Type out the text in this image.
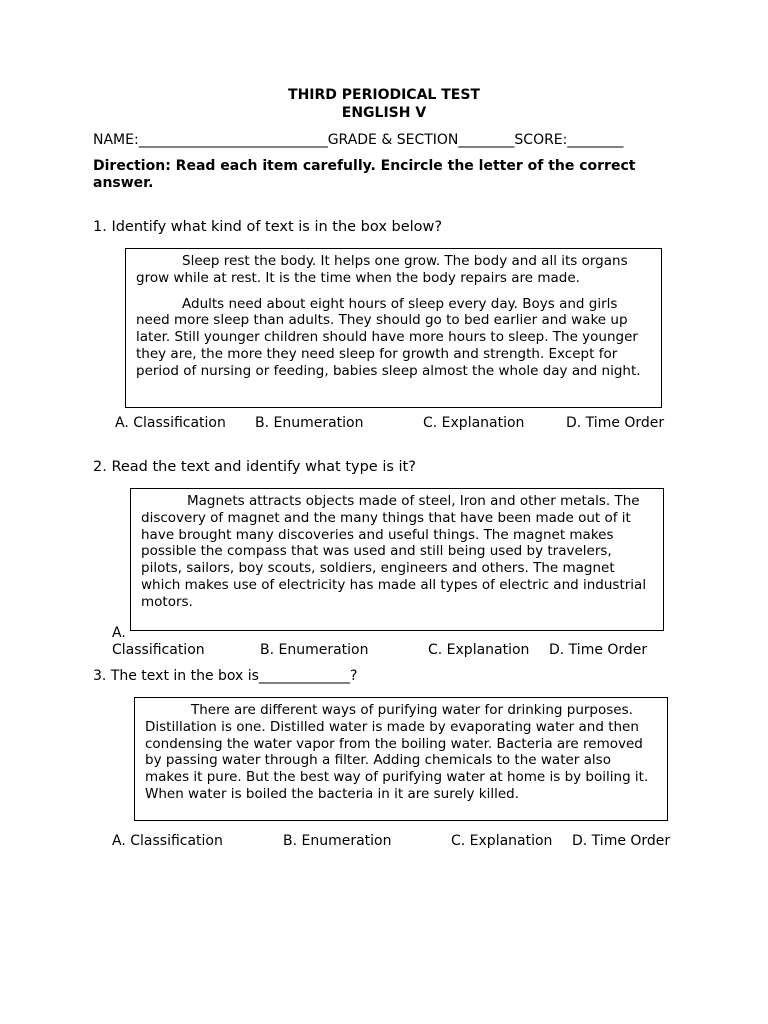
THIRD PERIODICAL TEST
ENGLISH V
NAME:___________________________GRADE & SECTION________SCORE:________
Direction: Read each item carefully. Encircle the letter of the correct answer.
1. Identify what kind of text is in the box below?

Sleep rest the body. It helps one grow. The body and all its organs grow while at rest. It is the time when the body repairs are made.

Adults need about eight hours of sleep every day. Boys and girls need more sleep than adults. They should go to bed earlier and wake up later. Still younger children should have more hours to sleep. The younger they are, the more they need sleep for growth and strength. Except for period of nursing or feeding, babies sleep almost the whole day and night.

A. Classification B. Enumeration	C. Explanation	D. Time Order
2. Read the text and identify what type is it?

Magnets attracts objects made of steel, Iron and other metals. The discovery of magnet and the many things that have been made out of it have brought many discoveries and useful things. The magnet makes possible the compass that was used and still being used by travelers, pilots, sailors, boy scouts, soldiers, engineers and others. The magnet which makes use of electricity has made all types of electric and industrial motors.

A.
Classification	B. Enumeration	C. Explanation D. Time Order
3. The text in the box is_____________?

There are different ways of purifying water for drinking purposes. Distillation is one. Distilled water is made by evaporating water and then condensing the water vapor from the boiling water. Bacteria are removed by passing water through a filter. Adding chemicals to the water also makes it pure. But the best way of purifying water at home is by boiling it. When water is boiled the bacteria in it are surely killed.

A. Classification	B. Enumeration	C. Explanation D. Time Order
